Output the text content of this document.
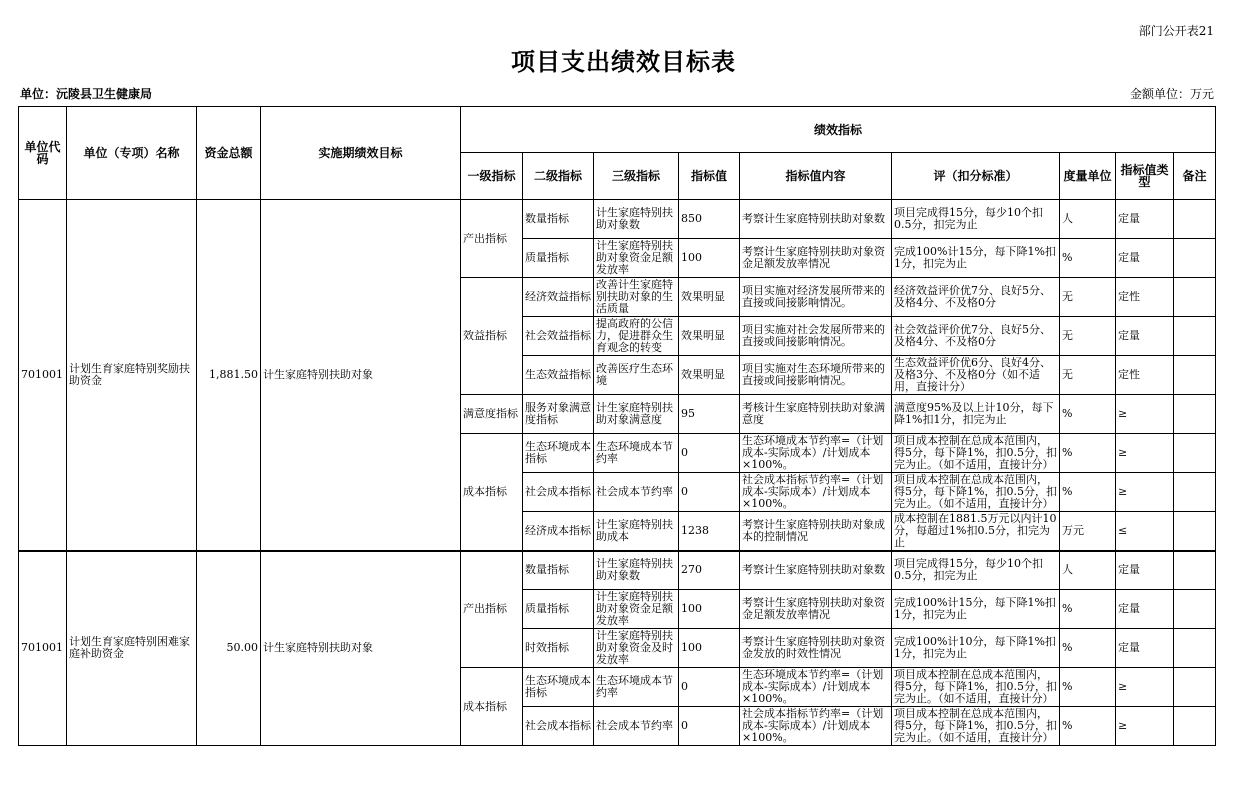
部门公开表21
项目支出绩效目标表
单位：沅陵县卫生健康局	金额单位：万元
单位代码	单位（专项）名称	资金总额	实施期绩效目标	绩效指标								
				一级指标	二级指标	三级指标	指标值	指标值内容	评（扣分标准）	度量单位	指标值类型	备注

701001	计划生育家庭特别奖励扶助资金	1,881.50	计生家庭特别扶助对象	产出指标	数量指标	计生家庭特别扶助对象数	850	考察计生家庭特别扶助对象数	项目完成得15分，每少10个扣0.5分，扣完为止	人	定量	

					质量指标	计生家庭特别扶助对象资金足额发放率	100	考察计生家庭特别扶助对象资金足额发放率情况	完成100%计15分，每下降1%扣1分，扣完为止	%	定量	

				效益指标	经济效益指标	改善计生家庭特别扶助对象的生活质量	效果明显	项目实施对经济发展所带来的直接或间接影响情况。	经济效益评价优7分、良好5分、及格4分、不及格0分	无	定性	

					社会效益指标	提高政府的公信力，促进群众生育观念的转变	效果明显	项目实施对社会发展所带来的直接或间接影响情况。	社会效益评价优7分、良好5分、及格4分、不及格0分	无	定量	

					生态效益指标	改善医疗生态环境	效果明显	项目实施对生态环境所带来的直接或间接影响情况。	生态效益评价优6分、良好4分、及格3分、不及格0分（如不适用，直接计分）	无	定性	

				满意度指标	服务对象满意度指标	计生家庭特别扶助对象满意度	95	考核计生家庭特别扶助对象满意度	满意度95%及以上计10分，每下降1%扣1分，扣完为止	%	≥	

				成本指标	生态环境成本指标	生态环境成本节约率	0	生态环境成本节约率=（计划成本-实际成本）/计划成本×100%。	项目成本控制在总成本范围内，得5分，每下降1%，扣0.5分，扣完为止。（如不适用，直接计分）	%	≥	

					社会成本指标	社会成本节约率	0	社会成本指标节约率=（计划成本-实际成本）/计划成本×100%。	项目成本控制在总成本范围内，得5分，每下降1%，扣0.5分，扣完为止。（如不适用，直接计分）	%	≥	

					经济成本指标	计生家庭特别扶助成本	1238	考察计生家庭特别扶助对象成本的控制情况	成本控制在1881.5万元以内计10分，每超过1%扣0.5分，扣完为止	万元	≤	

701001	计划生育家庭特别困难家庭补助资金	50.00	计生家庭特别扶助对象	产出指标	数量指标	计生家庭特别扶助对象数	270	考察计生家庭特别扶助对象数	项目完成得15分，每少10个扣0.5分，扣完为止	人	定量	

					质量指标	计生家庭特别扶助对象资金足额发放率	100	考察计生家庭特别扶助对象资金足额发放率情况	完成100%计15分，每下降1%扣1分，扣完为止	%	定量	

					时效指标	计生家庭特别扶助对象资金及时发放率	100	考察计生家庭特别扶助对象资金发放的时效性情况	完成100%计10分，每下降1%扣1分，扣完为止	%	定量	

				成本指标	生态环境成本指标	生态环境成本节约率	0	生态环境成本节约率=（计划成本-实际成本）/计划成本×100%。	项目成本控制在总成本范围内，得5分，每下降1%，扣0.5分，扣完为止。（如不适用，直接计分）	%	≥	

					社会成本指标	社会成本节约率	0	社会成本指标节约率=（计划成本-实际成本）/计划成本×100%。	项目成本控制在总成本范围内，得5分，每下降1%，扣0.5分，扣完为止。（如不适用，直接计分）	%	≥	
